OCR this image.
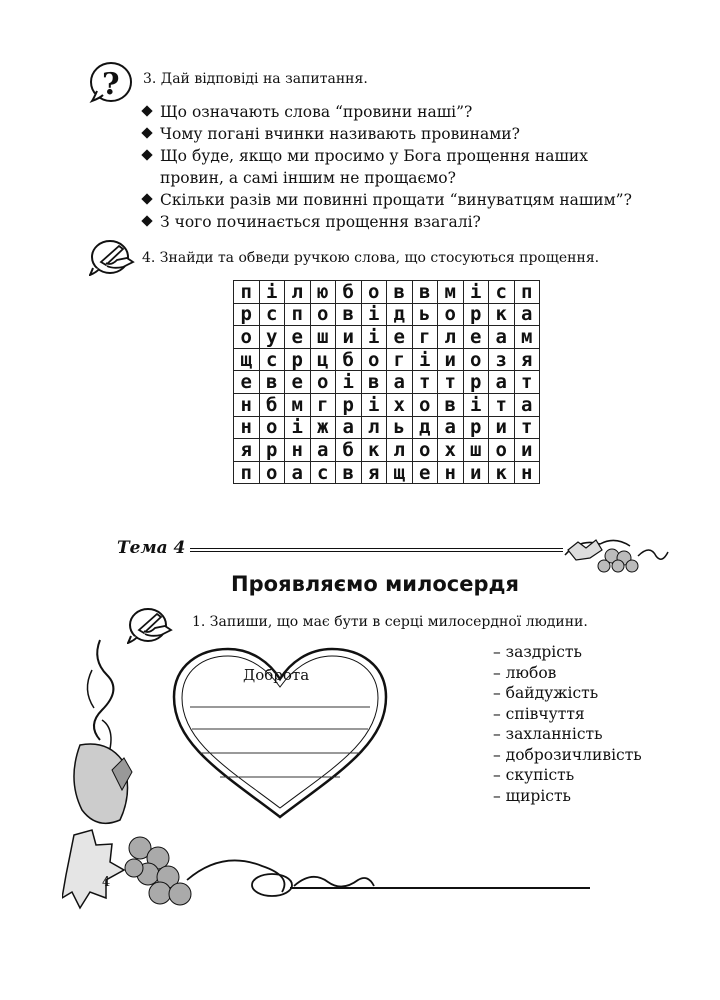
? 3. Дай відповіді на запитання.
Що означають слова “провини наші”?
Чому погані вчинки називають провинами?
Що буде, якщо ми просимо у Бога прощення наших провин, а самі іншим не прощаємо?
Скільки разів ми повинні прощати “винуватцям нашим”?
З чого починається прощення взагалі?
4. Знайди та обведи ручкою слова, що стосуються прощення.
п	і	л	ю	б	о	в	в	м	і	с	п
р	с	п	о	в	і	д	ь	о	р	к	а
о	у	е	ш	и	і	е	г	л	е	а	м
щ	с	р	ц	б	о	г	і	и	о	з	я
е	в	е	о	і	в	а	т	т	р	а	т
н	б	м	г	р	і	х	о	в	і	т	а
н	о	і	ж	а	л	ь	д	а	р	и	т
я	р	н	а	б	к	л	о	х	ш	о	и
п	о	а	с	в	я	щ	е	н	и	к	н
Тема 4
Проявляємо милосердя
1. Запиши, що має бути в серці милосердної людини.
Доброта
– заздрість
– любов
– байдужість
– співчуття
– захланність
– доброзичливість
– скупість
– щирість
4
